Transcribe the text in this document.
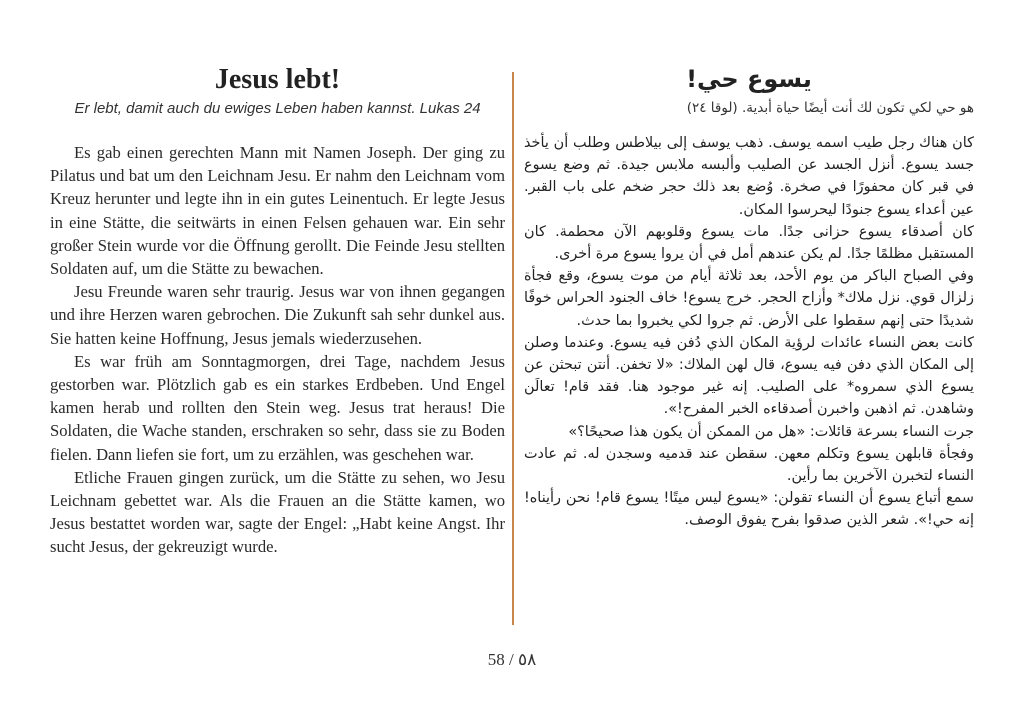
Jesus lebt!
Er lebt, damit auch du ewiges Leben haben kannst. Lukas 24

Es gab einen gerechten Mann mit Namen Joseph. Der ging zu Pilatus und bat um den Leichnam Jesu. Er nahm den Leichnam vom Kreuz herunter und legte ihn in ein gutes Leinentuch. Er legte Jesus in eine Stätte, die seitwärts in einen Felsen gehauen war. Ein sehr großer Stein wurde vor die Öffnung gerollt. Die Feinde Jesu stellten Soldaten auf, um die Stätte zu bewachen.

Jesu Freunde waren sehr traurig. Jesus war von ihnen gegangen und ihre Herzen waren gebrochen. Die Zukunft sah sehr dunkel aus. Sie hatten keine Hoffnung, Jesus jemals wiederzusehen.

Es war früh am Sonntagmorgen, drei Tage, nachdem Jesus gestorben war. Plötzlich gab es ein starkes Erdbeben. Und Engel kamen herab und rollten den Stein weg. Jesus trat heraus! Die Soldaten, die Wache standen, erschraken so sehr, dass sie zu Boden fielen. Dann liefen sie fort, um zu erzählen, was geschehen war.

Etliche Frauen gingen zurück, um die Stätte zu sehen, wo Jesu Leichnam gebettet war. Als die Frauen an die Stätte kamen, wo Jesus bestattet worden war, sagte der Engel: „Habt keine Angst. Ihr sucht Jesus, der gekreuzigt wurde.

يسوع حي!
هو حي لكي تكون لك أنت أيضًا حياة أبدية. (لوقا ٢٤)

كان هناك رجل طيب اسمه يوسف. ذهب يوسف إلى بيلاطس وطلب أن يأخذ جسد يسوع. أنزل الجسد عن الصليب وألبسه ملابس جيدة. ثم وضع يسوع في قبر كان محفورًا في صخرة. وُضع بعد ذلك حجر ضخم على باب القبر. عين أعداء يسوع جنودًا ليحرسوا المكان.

كان أصدقاء يسوع حزانى جدًا. مات يسوع وقلوبهم الآن محطمة. كان المستقبل مظلمًا جدًا. لم يكن عندهم أمل في أن يروا يسوع مرة أخرى.

وفي الصباح الباكر من يوم الأحد، بعد ثلاثة أيام من موت يسوع، وقع فجأة زلزال قوي. نزل ملاك* وأزاح الحجر. خرج يسوع! خاف الجنود الحراس خوفًا شديدًا حتى إنهم سقطوا على الأرض. ثم جروا لكي يخبروا بما حدث.

كانت بعض النساء عائدات لرؤية المكان الذي دُفن فيه يسوع. وعندما وصلن إلى المكان الذي دفن فيه يسوع، قال لهن الملاك: «لا تخفن. أنتن تبحثن عن يسوع الذي سمروه* على الصليب. إنه غير موجود هنا. فقد قام! تعالَن وشاهدن. ثم اذهبن واخبرن أصدقاءه الخبر المفرح!».

جرت النساء بسرعة قائلات: «هل من الممكن أن يكون هذا صحيحًا؟»

وفجأة قابلهن يسوع وتكلم معهن. سقطن عند قدميه وسجدن له. ثم عادت النساء لتخبرن الآخرين بما رأين.

سمع أتباع يسوع أن النساء تقولن: «يسوع ليس ميتًا! يسوع قام! نحن رأيناه! إنه حي!». شعر الذين صدقوا بفرح يفوق الوصف.

58 / ٥٨
